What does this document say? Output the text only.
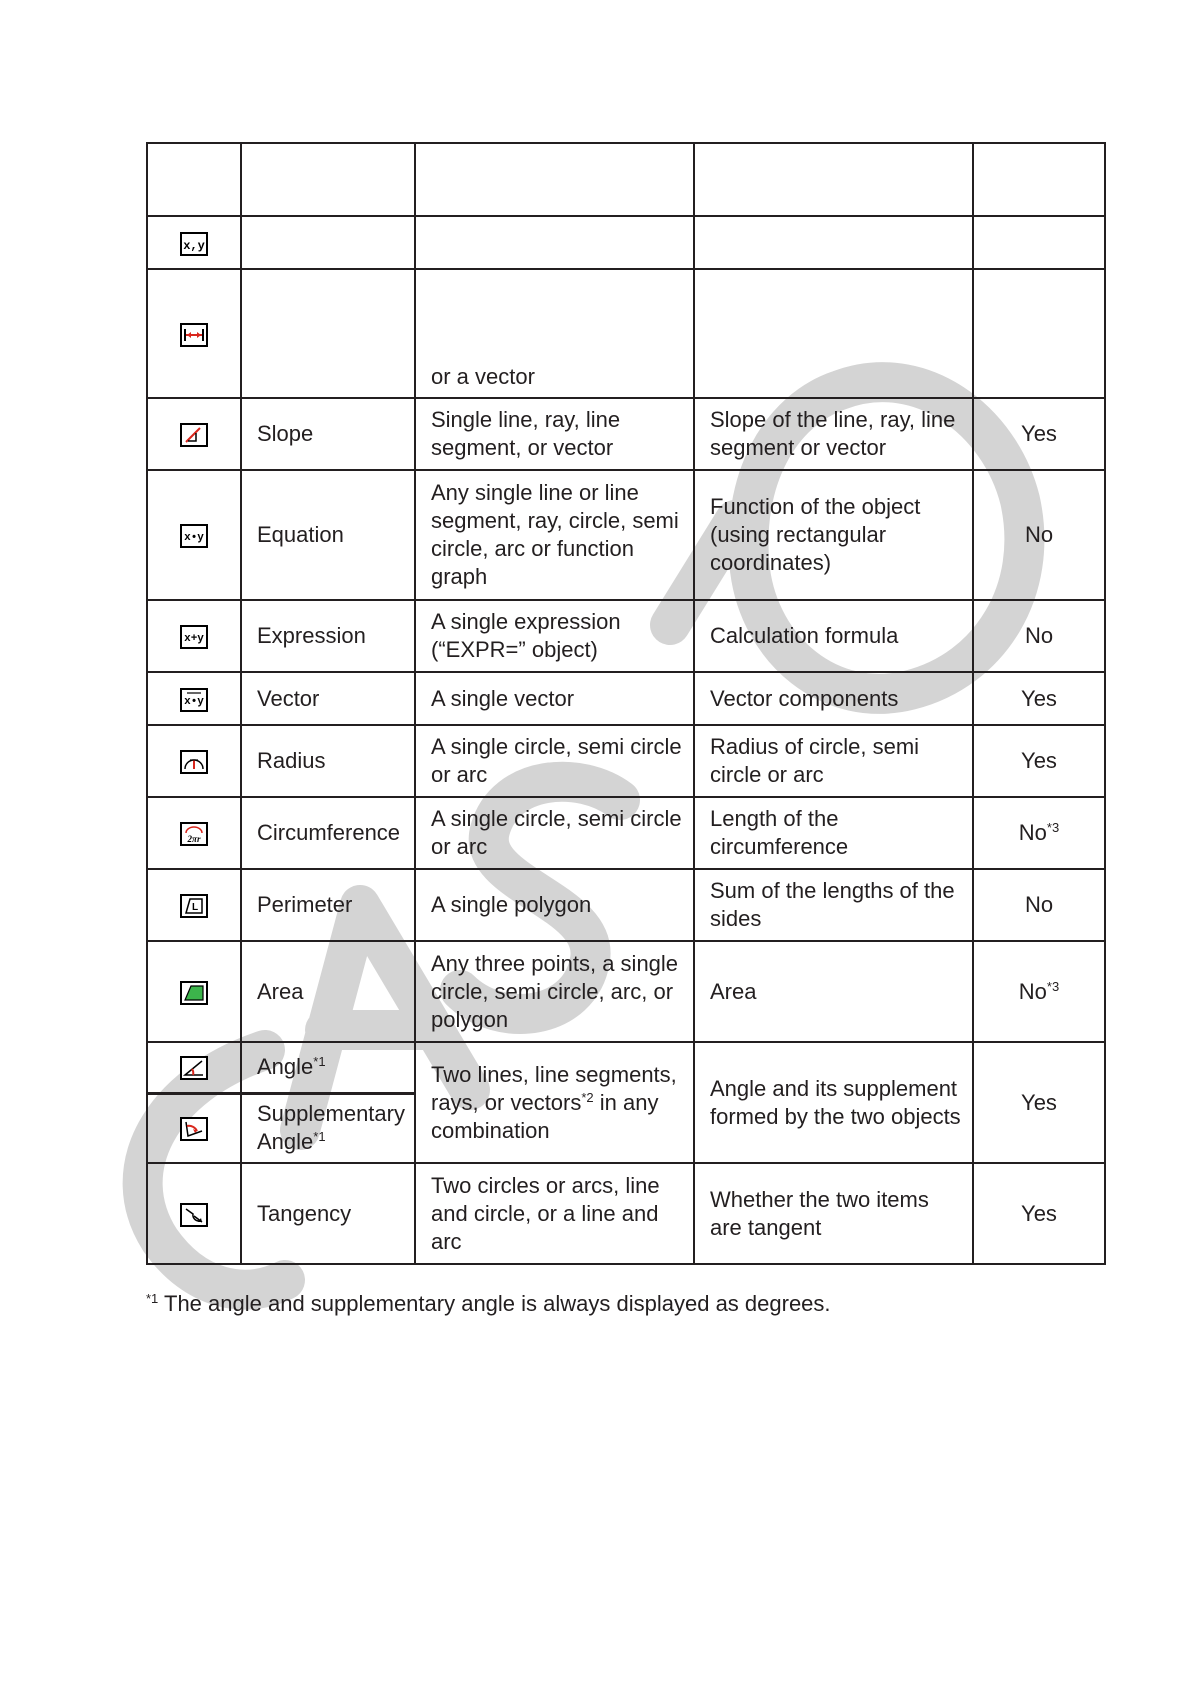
x,y				

		or a vector		

	Slope	Single line, ray, line segment, or vector	Slope of the line, ray, line segment or vector	Yes

x•y	Equation	Any single line or line segment, ray, circle, semi circle, arc or function graph	Function of the object (using rectangular coordinates)	No

x+y	Expression	A single expression (“EXPR=” object)	Calculation formula	No

x•y	Vector	A single vector	Vector components	Yes

	Radius	A single circle, semi circle or arc	Radius of circle, semi circle or arc	Yes

2πr	Circumference	A single circle, semi circle or arc	Length of the circumference	No$^{*3}$

L	Perimeter	A single polygon	Sum of the lengths of the sides	No

	Area	Any three points, a single circle, semi circle, arc, or polygon	Area	No$^{*3}$

	Angle$^{*1}$	Two lines, line segments, rays, or vectors$^{*2}$ in any combination	Angle and its supplement formed by the two objects	Yes

	Supplementary Angle$^{*1}$

	Tangency	Two circles or arcs, line and circle, or a line and arc	Whether the two items are tangent	Yes
$^{*1}$ The angle and supplementary angle is always displayed as degrees.
